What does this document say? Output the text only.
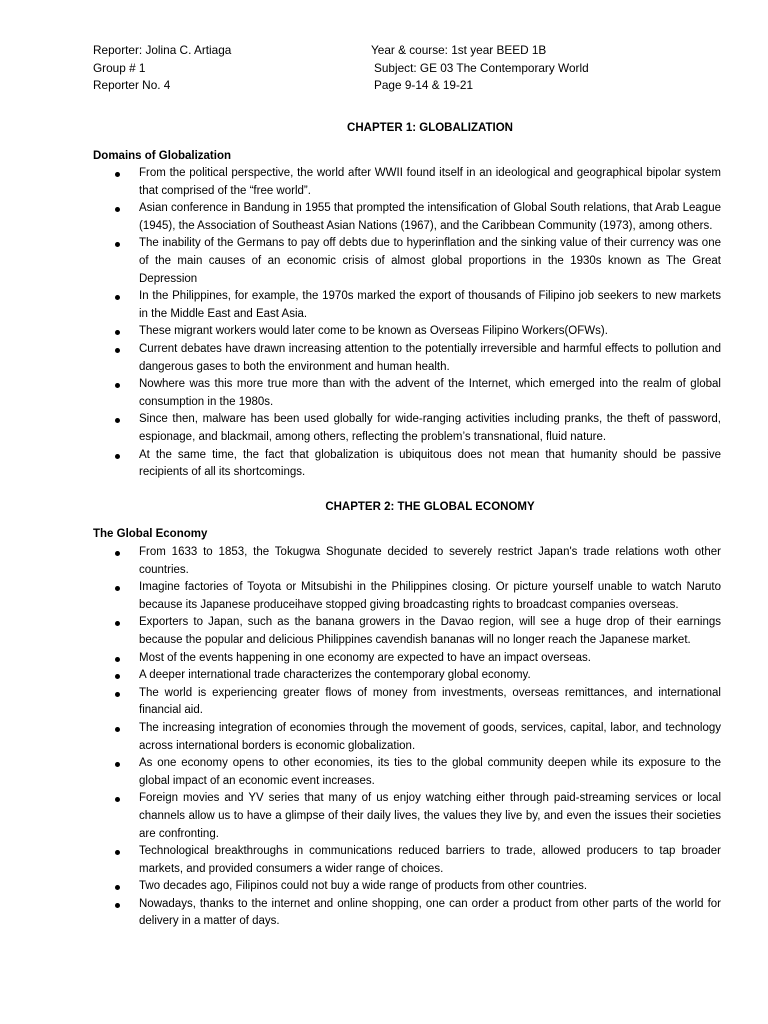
Reporter: Jolina C. Artiaga	Year & course: 1st year BEED 1B
Group # 1	Subject: GE 03 The Contemporary World
Reporter No. 4	Page 9-14 & 19-21
CHAPTER 1: GLOBALIZATION
Domains of Globalization
From the political perspective, the world after WWII found itself in an ideological and geographical bipolar system that comprised of the “free world”.
Asian conference in Bandung in 1955 that prompted the intensification of Global South relations, that Arab League (1945), the Association of Southeast Asian Nations (1967), and the Caribbean Community (1973), among others.
The inability of the Germans to pay off debts due to hyperinflation and the sinking value of their currency was one of the main causes of an economic crisis of almost global proportions in the 1930s known as The Great Depression
In the Philippines, for example, the 1970s marked the export of thousands of Filipino job seekers to new markets in the Middle East and East Asia.
These migrant workers would later come to be known as Overseas Filipino Workers(OFWs).
Current debates have drawn increasing attention to the potentially irreversible and harmful effects to pollution and dangerous gases to both the environment and human health.
Nowhere was this more true more than with the advent of the Internet, which emerged into the realm of global consumption in the 1980s.
Since then, malware has been used globally for wide-ranging activities including pranks, the theft of password, espionage, and blackmail, among others, reflecting the problem’s transnational, fluid nature.
At the same time, the fact that globalization is ubiquitous does not mean that humanity should be passive recipients of all its shortcomings.
CHAPTER 2: THE GLOBAL ECONOMY
The Global Economy
From 1633 to 1853, the Tokugwa Shogunate decided to severely restrict Japan's trade relations woth other countries.
Imagine factories of Toyota or Mitsubishi in the Philippines closing. Or picture yourself unable to watch Naruto because its Japanese produceihave stopped giving broadcasting rights to broadcast companies overseas.
Exporters to Japan, such as the banana growers in the Davao region, will see a huge drop of their earnings because the popular and delicious Philippines cavendish bananas will no longer reach the Japanese market.
Most of the events happening in one economy are expected to have an impact overseas.
A deeper international trade characterizes the contemporary global economy.
The world is experiencing greater flows of money from investments, overseas remittances, and international financial aid.
The increasing integration of economies through the movement of goods, services, capital, labor, and technology across international borders is economic globalization.
As one economy opens to other economies, its ties to the global community deepen while its exposure to the global impact of an economic event increases.
Foreign movies and YV series that many of us enjoy watching either through paid-streaming services or local channels allow us to have a glimpse of their daily lives, the values they live by, and even the issues their societies are confronting.
Technological breakthroughs in communications reduced barriers to trade, allowed producers to tap broader markets, and provided consumers a wider range of choices.
Two decades ago, Filipinos could not buy a wide range of products from other countries.
Nowadays, thanks to the internet and online shopping, one can order a product from other parts of the world for delivery in a matter of days.
